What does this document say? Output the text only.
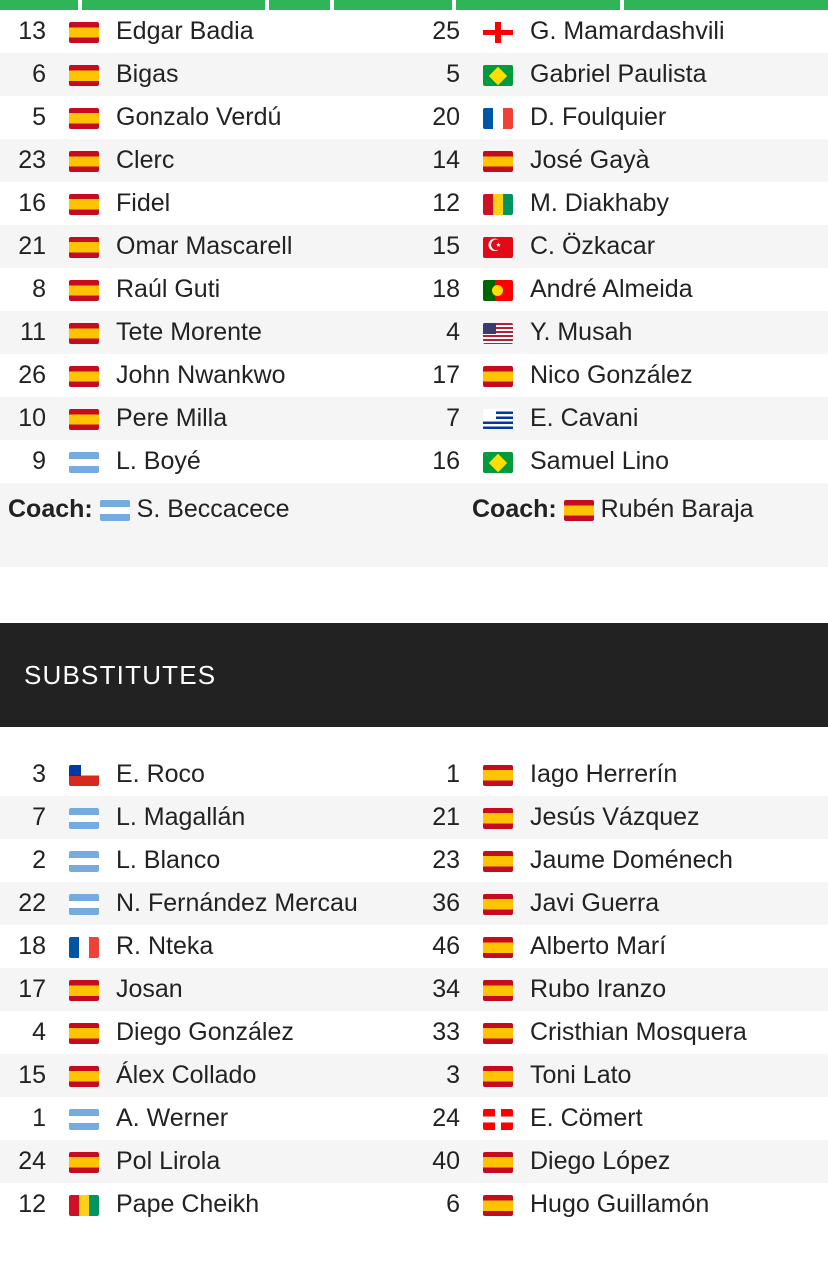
13		Edgar Badia	25		G. Mamardashvili
6		Bigas	5		Gabriel Paulista
5		Gonzalo Verdú	20		D. Foulquier
23		Clerc	14		José Gayà
16		Fidel	12		M. Diakhaby
21		Omar Mascarell	15	☪	C. Özkacar
8		Raúl Guti	18		André Almeida
11		Tete Morente	4		Y. Musah
26		John Nwankwo	17		Nico González
10		Pere Milla	7		E. Cavani
9		L. Boyé	16		Samuel Lino
Coach: S. Beccacece	Coach: Rubén Baraja
SUBSTITUTES
3		E. Roco	1		Iago Herrerín
7		L. Magallán	21		Jesús Vázquez
2		L. Blanco	23		Jaume Doménech
22		N. Fernández Mercau	36		Javi Guerra
18		R. Nteka	46		Alberto Marí
17		Josan	34		Rubo Iranzo
4		Diego González	33		Cristhian Mosquera
15		Álex Collado	3		Toni Lato
1		A. Werner	24		E. Cömert
24		Pol Lirola	40		Diego López
12		Pape Cheikh	6		Hugo Guillamón
